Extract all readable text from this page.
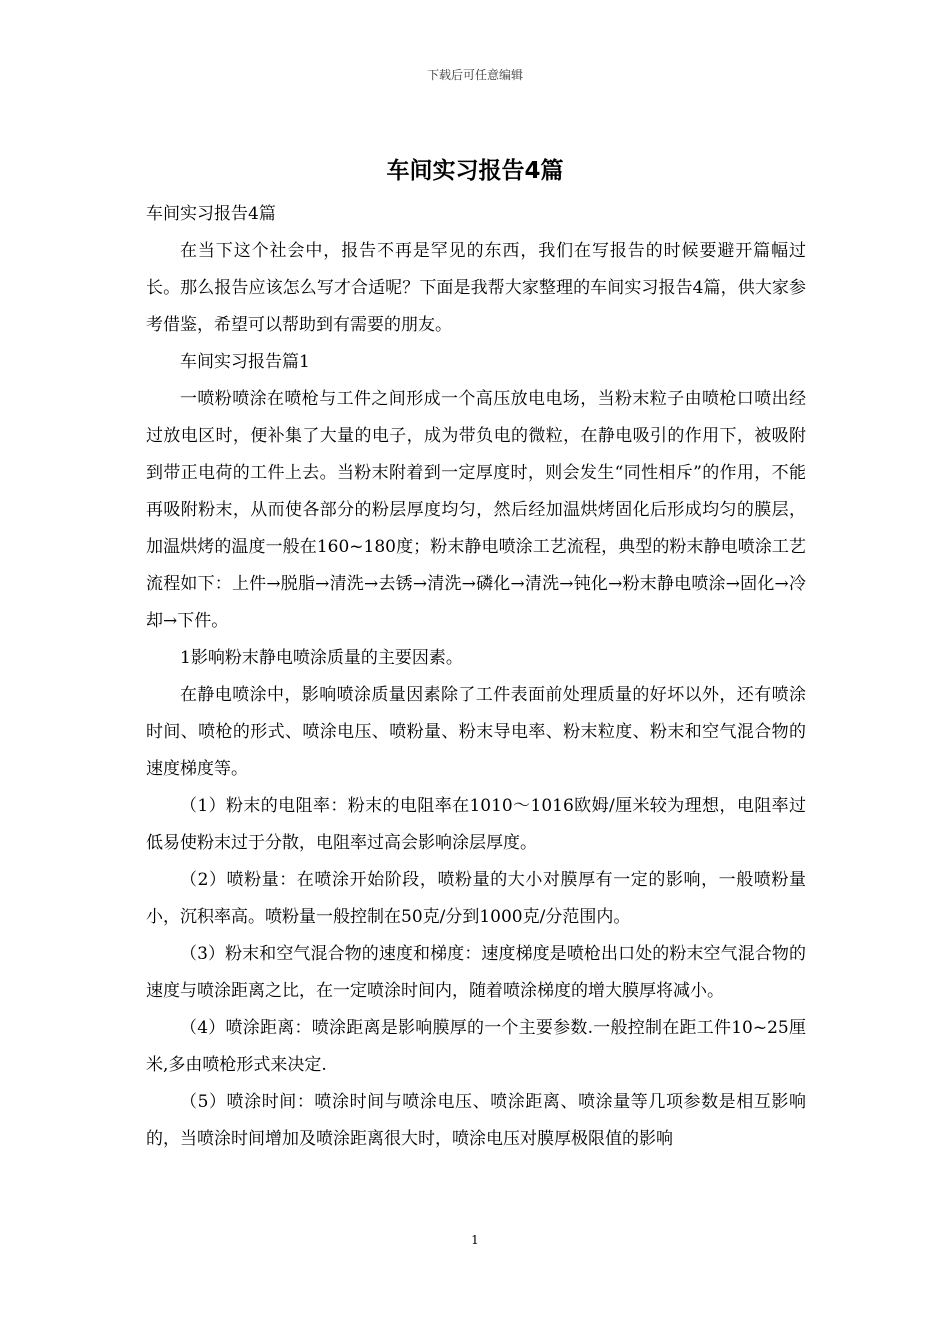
下载后可任意编辑
车间实习报告4篇

车间实习报告4篇

在当下这个社会中，报告不再是罕见的东西，我们在写报告的时候要避开篇幅过长。那么报告应该怎么写才合适呢？下面是我帮大家整理的车间实习报告4篇，供大家参考借鉴，希望可以帮助到有需要的朋友。

车间实习报告篇1

一喷粉喷涂在喷枪与工件之间形成一个高压放电电场，当粉末粒子由喷枪口喷出经过放电区时，便补集了大量的电子，成为带负电的微粒，在静电吸引的作用下，被吸附到带正电荷的工件上去。当粉末附着到一定厚度时，则会发生“同性相斥”的作用，不能再吸附粉末，从而使各部分的粉层厚度均匀，然后经加温烘烤固化后形成均匀的膜层，加温烘烤的温度一般在160~180度；粉末静电喷涂工艺流程，典型的粉末静电喷涂工艺流程如下：上件→脱脂→清洗→去锈→清洗→磷化→清洗→钝化→粉末静电喷涂→固化→冷却→下件。

1影响粉末静电喷涂质量的主要因素。

在静电喷涂中，影响喷涂质量因素除了工件表面前处理质量的好坏以外，还有喷涂时间、喷枪的形式、喷涂电压、喷粉量、粉末导电率、粉末粒度、粉末和空气混合物的速度梯度等。

（1）粉末的电阻率：粉末的电阻率在1010～1016欧姆/厘米较为理想，电阻率过低易使粉末过于分散，电阻率过高会影响涂层厚度。

（2）喷粉量：在喷涂开始阶段，喷粉量的大小对膜厚有一定的影响，一般喷粉量小，沉积率高。喷粉量一般控制在50克/分到1000克/分范围内。

（3）粉末和空气混合物的速度和梯度：速度梯度是喷枪出口处的粉末空气混合物的速度与喷涂距离之比，在一定喷涂时间内，随着喷涂梯度的增大膜厚将减小。

（4）喷涂距离：喷涂距离是影响膜厚的一个主要参数.一般控制在距工件10~25厘米,多由喷枪形式来决定.

（5）喷涂时间：喷涂时间与喷涂电压、喷涂距离、喷涂量等几项参数是相互影响的，当喷涂时间增加及喷涂距离很大时，喷涂电压对膜厚极限值的影响

1
